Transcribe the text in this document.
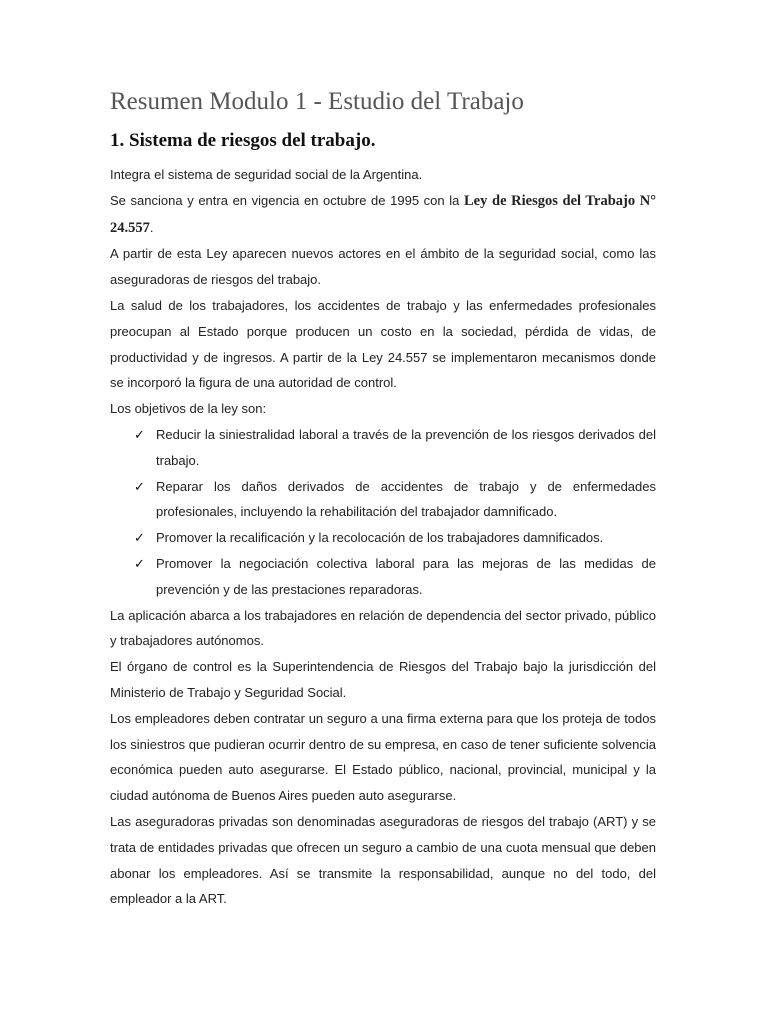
Resumen Modulo 1 - Estudio del Trabajo
1. Sistema de riesgos del trabajo.

Integra el sistema de seguridad social de la Argentina.

Se sanciona y entra en vigencia en octubre de 1995 con la Ley de Riesgos del Trabajo N° 24.557.

A partir de esta Ley aparecen nuevos actores en el ámbito de la seguridad social, como las aseguradoras de riesgos del trabajo.

La salud de los trabajadores, los accidentes de trabajo y las enfermedades profesionales preocupan al Estado porque producen un costo en la sociedad, pérdida de vidas, de productividad y de ingresos. A partir de la Ley 24.557 se implementaron mecanismos donde se incorporó la figura de una autoridad de control.

Los objetivos de la ley son:

✓ Reducir la siniestralidad laboral a través de la prevención de los riesgos derivados del trabajo.
✓ Reparar los daños derivados de accidentes de trabajo y de enfermedades profesionales, incluyendo la rehabilitación del trabajador damnificado.
✓ Promover la recalificación y la recolocación de los trabajadores damnificados.
✓ Promover la negociación colectiva laboral para las mejoras de las medidas de prevención y de las prestaciones reparadoras.

La aplicación abarca a los trabajadores en relación de dependencia del sector privado, público y trabajadores autónomos.

El órgano de control es la Superintendencia de Riesgos del Trabajo bajo la jurisdicción del Ministerio de Trabajo y Seguridad Social.

Los empleadores deben contratar un seguro a una firma externa para que los proteja de todos los siniestros que pudieran ocurrir dentro de su empresa, en caso de tener suficiente solvencia económica pueden auto asegurarse. El Estado público, nacional, provincial, municipal y la ciudad autónoma de Buenos Aires pueden auto asegurarse.

Las aseguradoras privadas son denominadas aseguradoras de riesgos del trabajo (ART) y se trata de entidades privadas que ofrecen un seguro a cambio de una cuota mensual que deben abonar los empleadores. Así se transmite la responsabilidad, aunque no del todo, del empleador a la ART.
